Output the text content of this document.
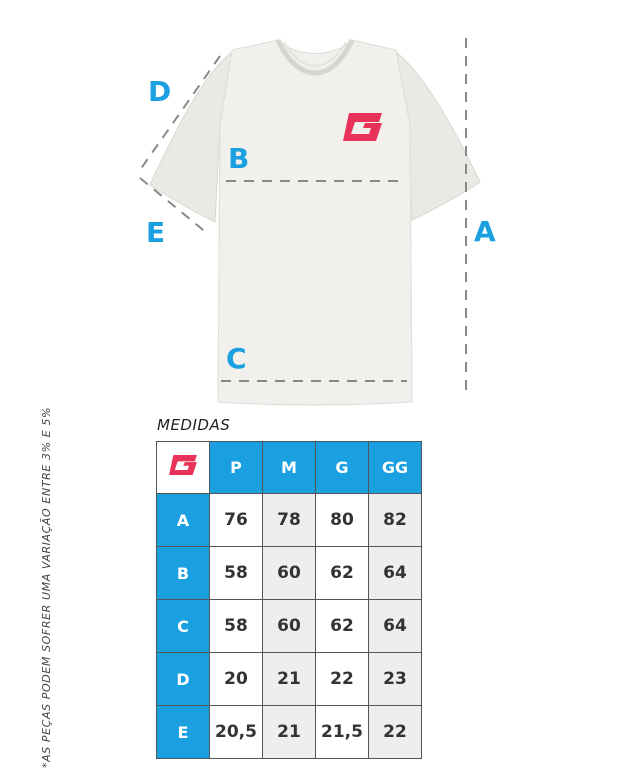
D
B
E	A
C
*AS PEÇAS PODEM SOFRER UMA VARIAÇÃO ENTRE 3% E 5%	MEDIDAS
	P	M	G	GG
A	76	78	80	82
B	58	60	62	64
C	58	60	62	64
D	20	21	22	23
E	20,5	21	21,5	22
